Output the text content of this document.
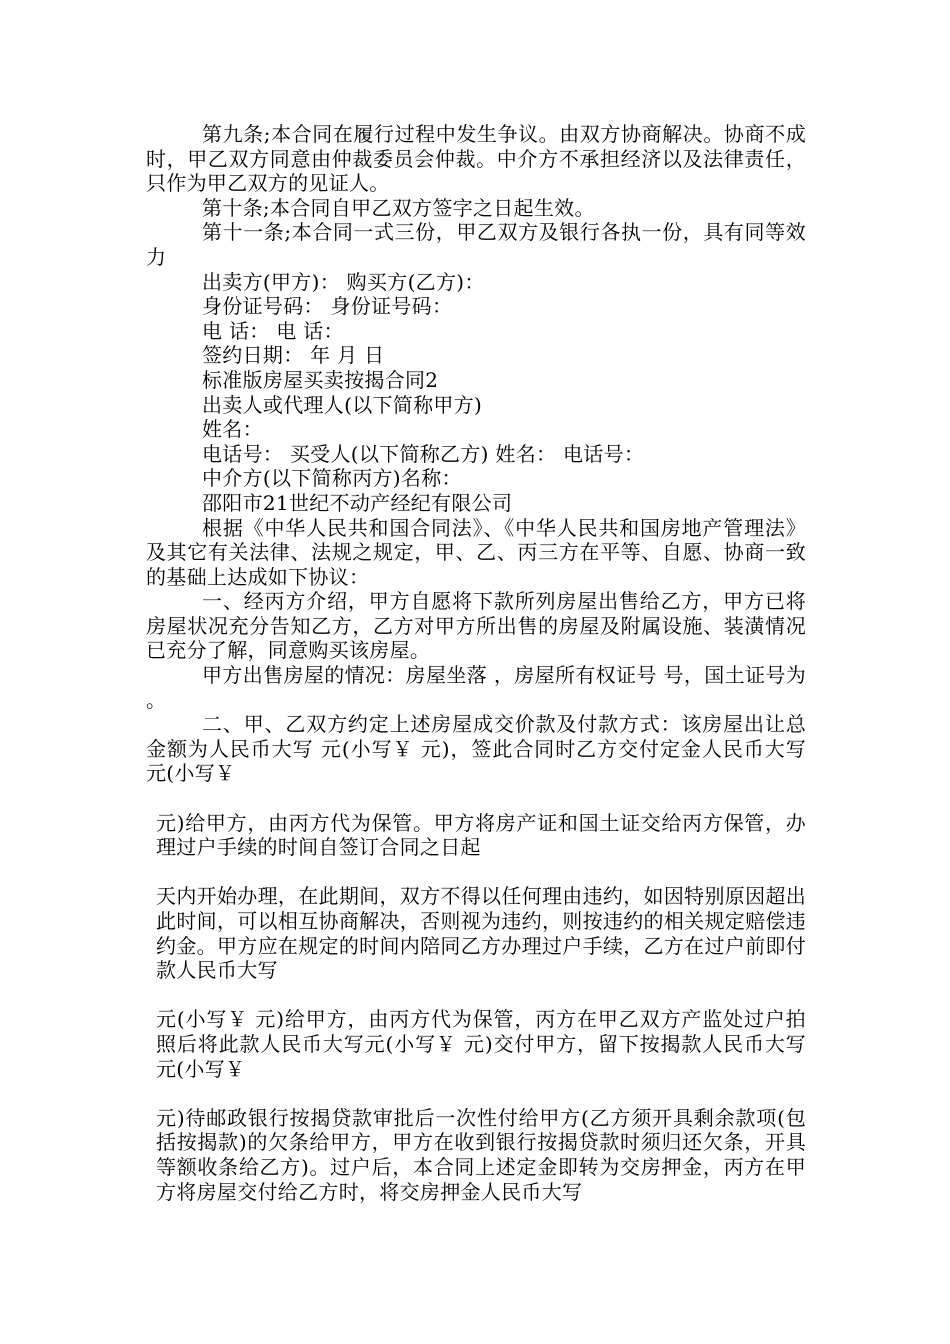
第九条;本合同在履行过程中发生争议。由双方协商解决。协商不成时，甲乙双方同意由仲裁委员会仲裁。中介方不承担经济以及法律责任，只作为甲乙双方的见证人。

第十条;本合同自甲乙双方签字之日起生效。

第十一条;本合同一式三份，甲乙双方及银行各执一份，具有同等效力

出卖方(甲方)： 购买方(乙方)：

身份证号码： 身份证号码：

电 话： 电 话：

签约日期： 年 月 日

标准版房屋买卖按揭合同2

出卖人或代理人(以下简称甲方)

姓名：

电话号： 买受人(以下简称乙方) 姓名： 电话号：

中介方(以下简称丙方)名称：

邵阳市21世纪不动产经纪有限公司

根据《中华人民共和国合同法》、《中华人民共和国房地产管理法》及其它有关法律、法规之规定，甲、乙、丙三方在平等、自愿、协商一致的基础上达成如下协议：

一、经丙方介绍，甲方自愿将下款所列房屋出售给乙方，甲方已将房屋状况充分告知乙方，乙方对甲方所出售的房屋及附属设施、装潢情况已充分了解，同意购买该房屋。

甲方出售房屋的情况：房屋坐落 ，房屋所有权证号 号，国土证号为 。

二、甲、乙双方约定上述房屋成交价款及付款方式：该房屋出让总金额为人民币大写 元(小写￥ 元)，签此合同时乙方交付定金人民币大写 元(小写￥

元)给甲方，由丙方代为保管。甲方将房产证和国土证交给丙方保管，办理过户手续的时间自签订合同之日起

天内开始办理，在此期间，双方不得以任何理由违约，如因特别原因超出此时间，可以相互协商解决，否则视为违约，则按违约的相关规定赔偿违约金。甲方应在规定的时间内陪同乙方办理过户手续，乙方在过户前即付款人民币大写

元(小写￥ 元)给甲方，由丙方代为保管，丙方在甲乙双方产监处过户拍照后将此款人民币大写元(小写￥ 元)交付甲方，留下按揭款人民币大写 元(小写￥

元)待邮政银行按揭贷款审批后一次性付给甲方(乙方须开具剩余款项(包括按揭款)的欠条给甲方，甲方在收到银行按揭贷款时须归还欠条，开具等额收条给乙方)。过户后，本合同上述定金即转为交房押金，丙方在甲方将房屋交付给乙方时，将交房押金人民币大写
